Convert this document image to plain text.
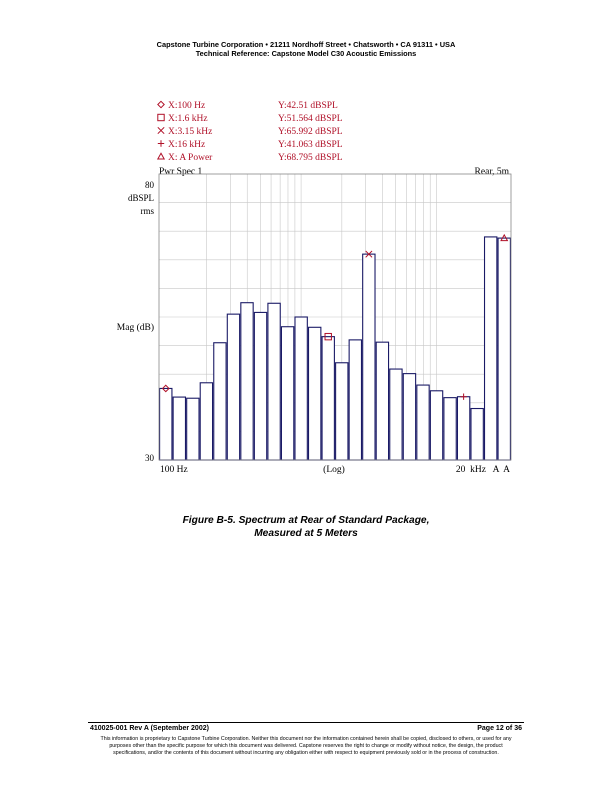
Capstone Turbine Corporation • 21211 Nordhoff Street • Chatsworth • CA 91311 • USA
Technical Reference: Capstone Model C30 Acoustic Emissions
X:100 Hz	Y:42.51 dBSPL
X:1.6 kHz	Y:51.564 dBSPL
X:3.15 kHz	Y:65.992 dBSPL
X:16 kHz	Y:41.063 dBSPL
X: A Power	Y:68.795 dBSPL
Pwr Spec 1	Rear, 5m
80
dBSPL
rms
Mag (dB)
30
100 Hz	(Log)	20  kHz   A  A
Figure B-5. Spectrum at Rear of Standard Package,
Measured at 5 Meters
410025-001 Rev A (September 2002)	Page 12 of 36
This information is proprietary to Capstone Turbine Corporation. Neither this document nor the information contained herein shall be copied, disclosed to others, or used for any
purposes other than the specific purpose for which this document was delivered. Capstone reserves the right to change or modify without notice, the design, the product
specifications, and/or the contents of this document without incurring any obligation either with respect to equipment previously sold or in the process of construction.
